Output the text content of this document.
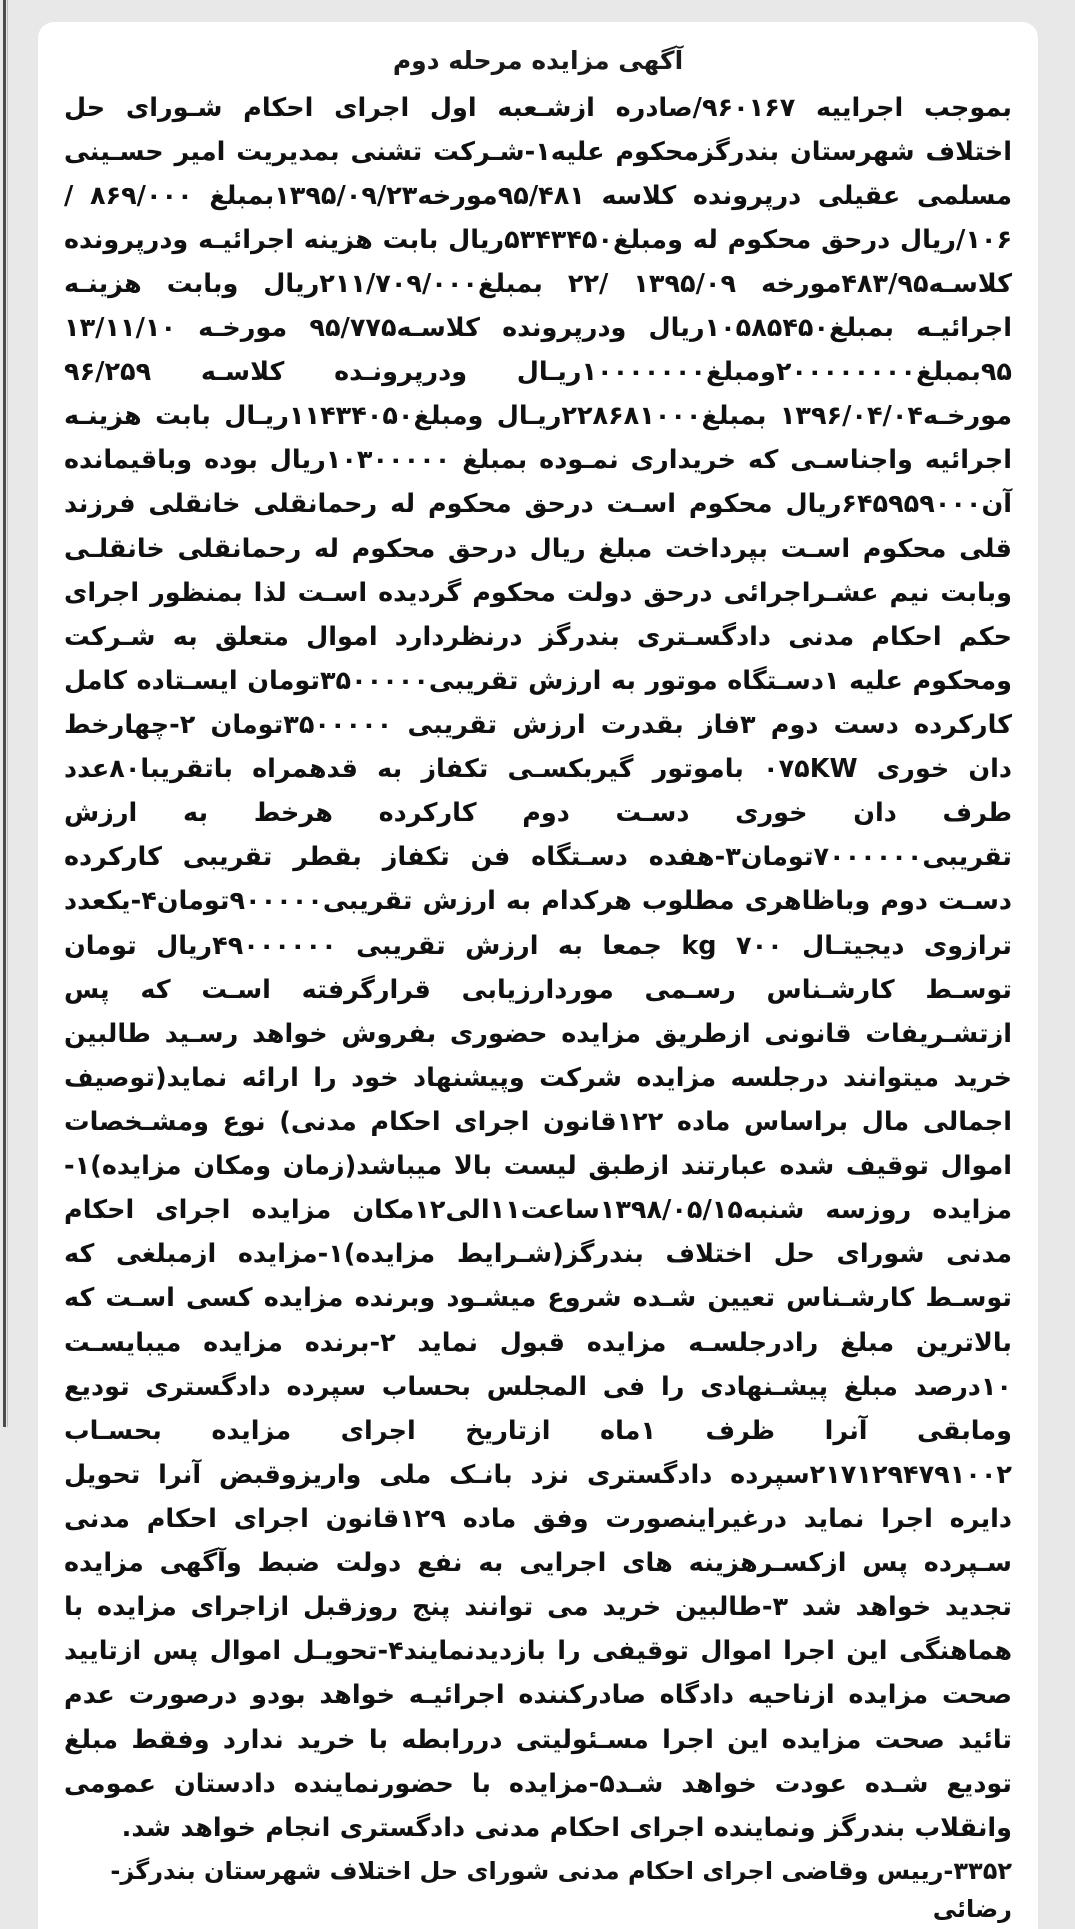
آگهی مزایده مرحله دوم

بموجب اجراییه ۹۶۰۱۶۷/صادره ازشـعبه اول اجرای احکام شـورای حل اختلاف شهرستان بندرگزمحکوم علیه۱-شـرکت تشنی بمدیریت امیر حسـینی مسلمی عقیلی درپرونده کلاسه ۹۵/۴۸۱مورخه۱۳۹۵/۰۹/۲۳بمبلغ ۸۶۹/۰۰۰ /۱۰۶/ریال درحق محکوم له ومبلغ۵۳۴۳۴۵۰ریال بابت هزینه اجرائیـه ودرپرونده کلاسـه۴۸۳/۹۵مورخه ۱۳۹۵/۰۹ /۲۲ بمبلغ۲۱۱/۷۰۹/۰۰۰ریال وبابت هزینـه اجرائیـه بمبلغ۱۰۵۸۵۴۵۰ریال ودرپرونده کلاسـه۹۵/۷۷۵ مورخـه ۱۳/۱۱/۱۰ ۹۵بمبلغ۲۰۰۰۰۰۰۰۰ومبلغ۱۰۰۰۰۰۰۰ریـال ودرپرونـده کلاسـه ۹۶/۲۵۹ مورخـه۱۳۹۶/۰۴/۰۴ بمبلغ۲۲۸۶۸۱۰۰۰ریـال ومبلغ۱۱۴۳۴۰۵۰ریـال بابت هزینـه اجرائیه واجناسـی که خریداری نمـوده بمبلغ ۱۰۳۰۰۰۰۰ریال بوده وباقیمانده آن۶۴۵۹۵۹۰۰۰ریال محکوم اسـت درحق محکوم له رحمانقلی خانقلی فرزند قلی محکوم اسـت بپرداخت مبلغ ریال درحق محکوم له رحمانقلی خانقلـی وبابت نیم عشـراجرائی درحق دولت محکوم گردیده اسـت لذا بمنظور اجرای حکم احکام مدنی دادگسـتری بندرگز درنظردارد اموال متعلق به شـرکت ومحکوم علیه ۱دسـتگاه موتور به ارزش تقریبی۳۵۰۰۰۰۰تومان ایسـتاده کامل کارکرده دست دوم ۳فاز بقدرت ارزش تقریبی ۳۵۰۰۰۰۰تومان ۲-چهارخط دان خوری ۰۷۵KW باموتور گیربکسـی تکفاز به قدهمراه باتقریبا۸۰عدد طرف دان خوری دسـت دوم کارکرده هرخط به ارزش تقریبی۷۰۰۰۰۰۰تومان۳-هفده دسـتگاه فن تکفاز بقطر تقریبی کارکرده دسـت دوم وباظاهری مطلوب هرکدام به ارزش تقریبی۹۰۰۰۰۰تومان۴-یکعدد ترازوی دیجیتـال ۷۰۰ kg جمعا به ارزش تقریبی ۴۹۰۰۰۰۰۰ریال تومان توسـط کارشـناس رسـمی موردارزیابی قرارگرفته اسـت که پس ازتشـریفات قانونی ازطریق مزایده حضوری بفروش خواهد رسـید طالبین خرید میتوانند درجلسه مزایده شرکت وپیشنهاد خود را ارائه نماید(توصیف اجمالی مال براساس ماده ۱۲۲قانون اجرای احکام مدنی) نوع ومشـخصات اموال توقیف شده عبارتند ازطبق لیست بالا میباشد(زمان ومکان مزایده)۱-مزایده روزسه شنبه۱۳۹۸/۰۵/۱۵ساعت۱۱الی۱۲مکان مزایده اجرای احکام مدنی شورای حل اختلاف بندرگز(شـرایط مزایده)۱-مزایده ازمبلغی که توسـط کارشـناس تعیین شـده شروع میشـود وبرنده مزایده کسی اسـت که بالاترین مبلغ رادرجلسـه مزایده قبول نماید ۲-برنده مزایده میبایسـت ۱۰درصد مبلغ پیشـنهادی را فی المجلس بحساب سپرده دادگستری تودیع ومابقی آنرا ظرف ۱ماه ازتاریخ اجرای مزایده بحسـاب ۲۱۷۱۲۹۴۷۹۱۰۰۲سپرده دادگستری نزد بانـک ملی واریزوقبض آنرا تحویل دایره اجرا نماید درغیراینصورت وفق ماده ۱۲۹قانون اجرای احکام مدنی سـپرده پس ازکسـرهزینه های اجرایی به نفع دولت ضبط وآگهی مزایده تجدید خواهد شد ۳-طالبین خرید می توانند پنج روزقبل ازاجرای مزایده با هماهنگی این اجرا اموال توقیفی را بازدیدنمایند۴-تحویـل اموال پس ازتایید صحت مزایده ازناحیه دادگاه صادرکننده اجرائیـه خواهد بودو درصورت عدم تائید صحت مزایده این اجرا مسـئولیتی دررابطه با خرید ندارد وفقط مبلغ تودیع شـده عودت خواهد شـد۵-مزایده با حضورنماینده دادستان عمومی وانقلاب بندرگز ونماینده اجرای احکام مدنی دادگستری انجام خواهد شد.

۳۳۵۲-رییس وقاضی اجرای احکام مدنی شورای حل اختلاف شهرستان بندرگز-رضائی
